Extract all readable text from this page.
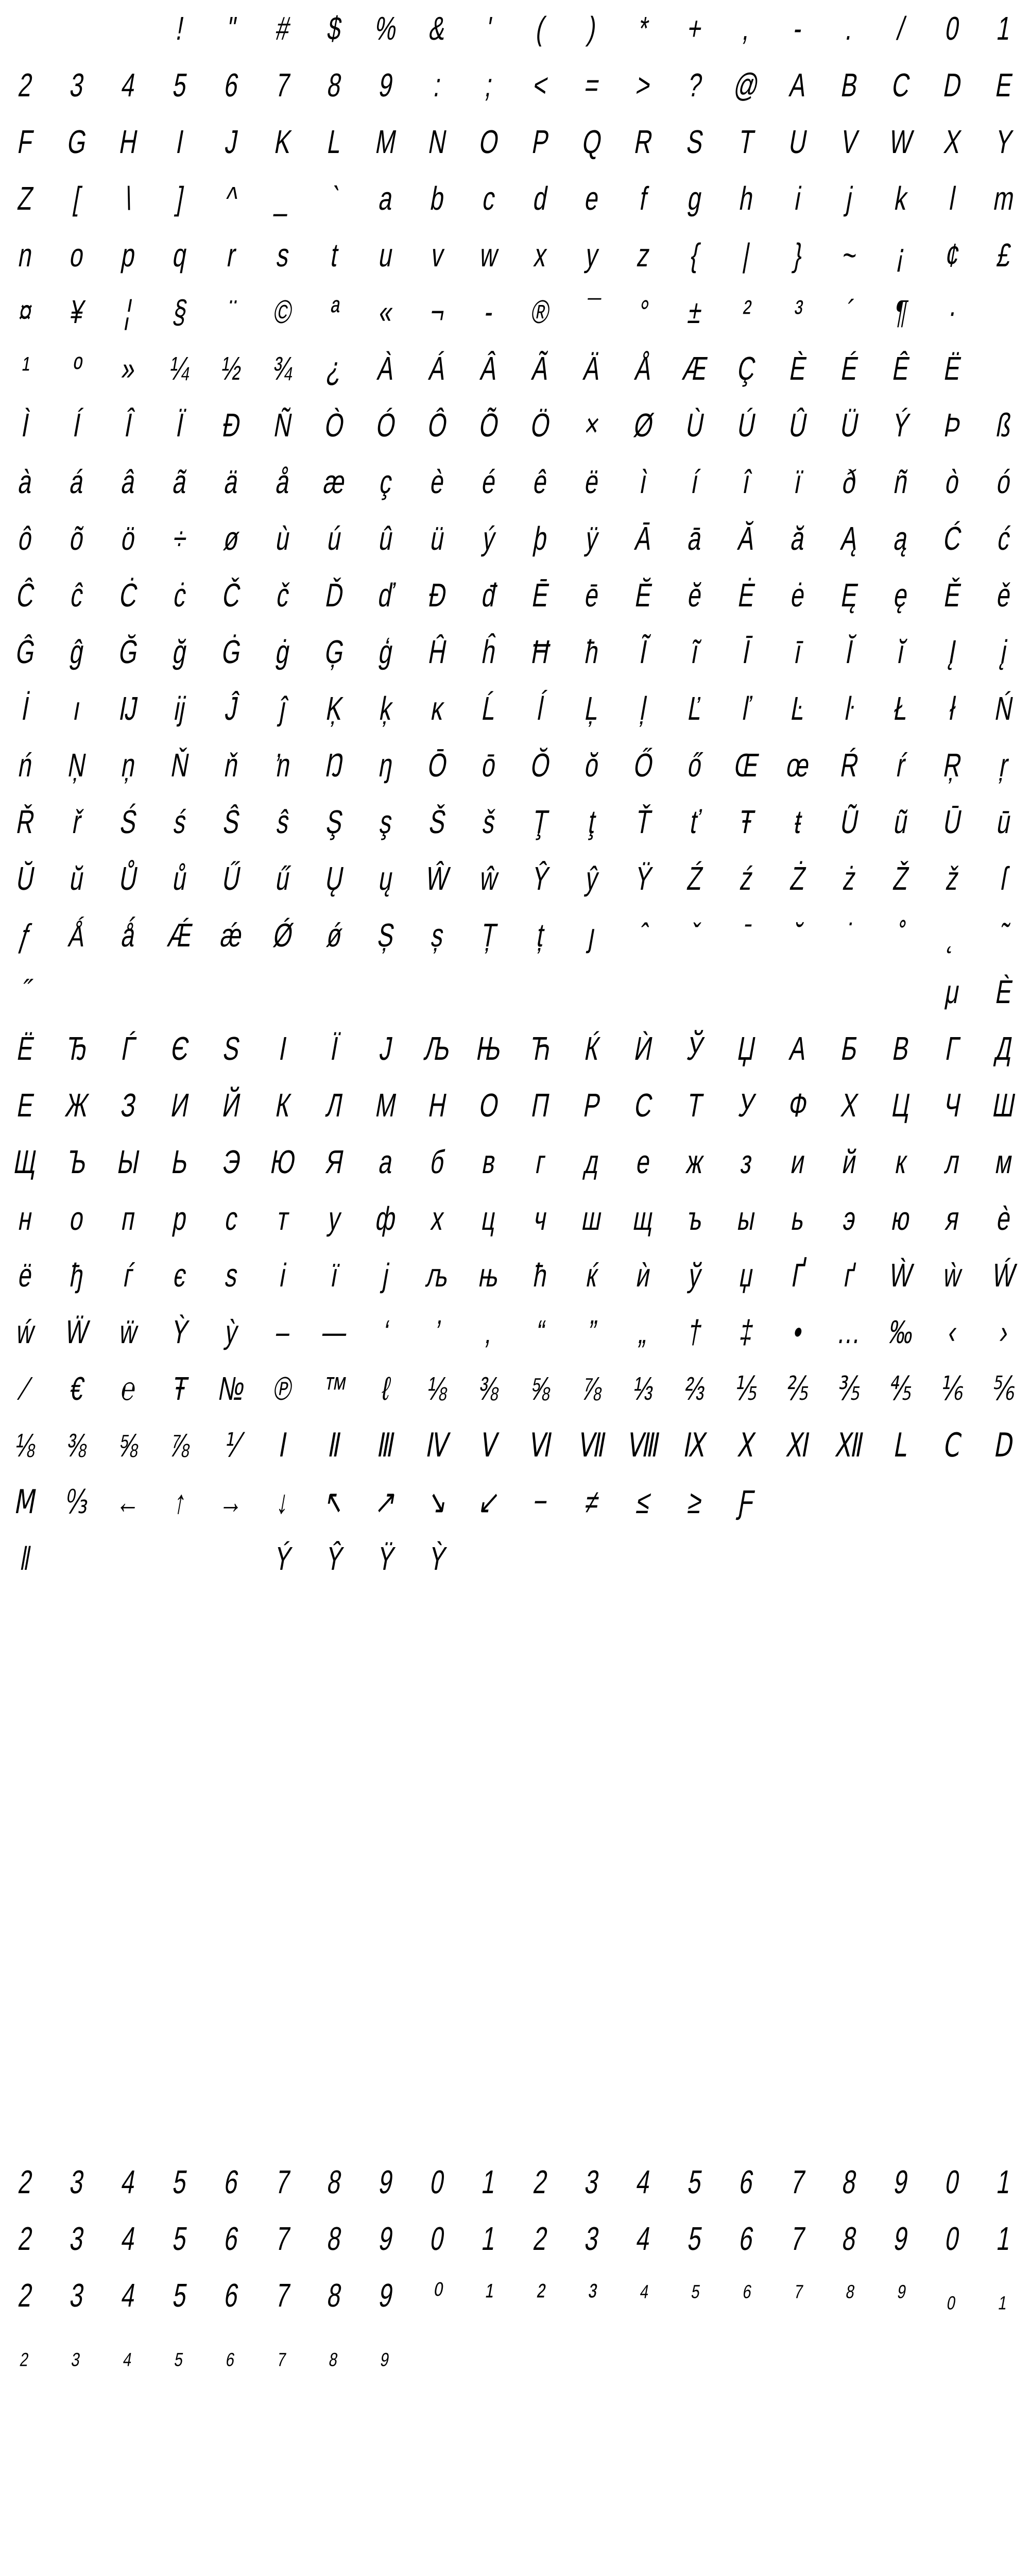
!	"	# $ % &	'	(	)	*	+	,	-	.	/	0 1
2 3 4 5 6 7 8 9	:	;	< = > ? @ A B C D E
F G H	I	J K L M N O P Q R S T U V W X Y
Z	[	\	]	^ _	`	a b c d e	f	g h	i	j	k	l m
n o p q	r	s	t	u v w x	y	z	{	|	}	~	¡	¢ £
¤ ¥	¦	§	¨ © ª	« ¬	- ® ¯	°	±	²	³	´	¶	·
¹	º	» ¼ ½ ¾ ¿ À Á Â Ã Ä Å Æ Ç È É Ê Ë
Ì	Í	Î	Ï	Ð Ñ Ò Ó Ô Õ Ö × Ø Ù Ú Û Ü Ý Þ ß
à á â ã ä å æ ç è é ê ë	ì	í	î	ï	ð ñ ò ó
ô õ ö ÷ ø ù ú û ü ý þ ÿ Ā ā Ă ă Ą ą Ć ć
Ĉ ĉ Ċ ċ Č č Ď ď Đ đ Ē ē Ĕ ĕ Ė ė Ę ę Ě ě
Ĝ ĝ Ğ ğ Ġ ġ Ģ ģ Ĥ ĥ Ħ ħ	Ĩ	ĩ	Ī	ī	Ĭ	ĭ	Į	į
İ	ı Ĳ ĳ	Ĵ	ĵ	Ķ ķ	ĸ Ĺ	ĺ	Ļ	ļ	Ľ	ľ	Ŀ	ŀ	Ł	ł	Ń
ń Ņ ņ Ň ň ŉ Ŋ ŋ Ō ō Ŏ ŏ Ő ő Œ œ Ŕ ŕ Ŗ ŗ
Ř ř	Ś ś Ŝ ŝ Ş ş Š š Ţ	ţ	Ť	ť	Ŧ	ŧ	Ũ ũ Ū ū
Ŭ ŭ Ů ů Ű ű Ų ų Ŵ ŵ Ŷ ŷ Ÿ Ź ź Ż ż Ž ž	ſ
ƒ Ǻ ǻ Ǽ ǽ Ǿ ǿ Ș ș Ț	ț	ȷ	ˆ	ˇ	ˉ	˘	˙	˚	˛	˜
˝	μ Ѐ
Ё Ђ Ѓ Є Ѕ	І	Ї	Ј Љ Њ Ћ Ќ Ѝ Ў Џ А Б В Г Д
Е Ж З И Й К Л М Н О П Р С Т У Ф Х Ц Ч Ш
Щ Ъ Ы Ь Э Ю Я а б в	г	д е ж з и й	к л м
н о п р с	т	у ф х ц ч ш щ ъ ы ь э ю я ѐ
ё ђ	ѓ	є	ѕ	і	ї	ј љ њ ћ	ќ	ѝ ў џ Ґ	ґ Ẁ ẁ Ẃ
ẃ Ẅ ẅ Ỳ ỳ – — ‘	’	‚	“	”	„	† ‡	• … ‰ ‹	›
⁄	€ ℮ Ŧ № ℗ ™ ℓ ⅛ ⅜ ⅝ ⅞ ⅓ ⅔ ⅕ ⅖ ⅗ ⅘ ⅙ ⅚
⅛ ⅜ ⅝ ⅞ ⅟	Ⅰ	Ⅱ Ⅲ Ⅳ Ⅴ Ⅵ Ⅶ Ⅷ Ⅸ Ⅹ Ⅺ Ⅻ Ⅼ Ⅽ Ⅾ
Ⅿ ↉ ← ↑ → ↓ ↖ ↗ ↘ ↙ − ≠ ≤ ≥ Ƒ
ǁ	Ý Ŷ Ÿ Ỳ
2 3 4 5 6 7 8 9 0 1 2 3 4 5 6 7 8 9 0 1
2 3 4 5 6 7 8 9 0 1 2 3 4 5 6 7 8 9 0 1
2 3 4 5 6 7 8 9	⁰	¹	²	³	⁴	⁵	⁶	⁷	⁸	⁹	₀	₁
₂	₃	₄	₅	₆	₇	₈	₉
